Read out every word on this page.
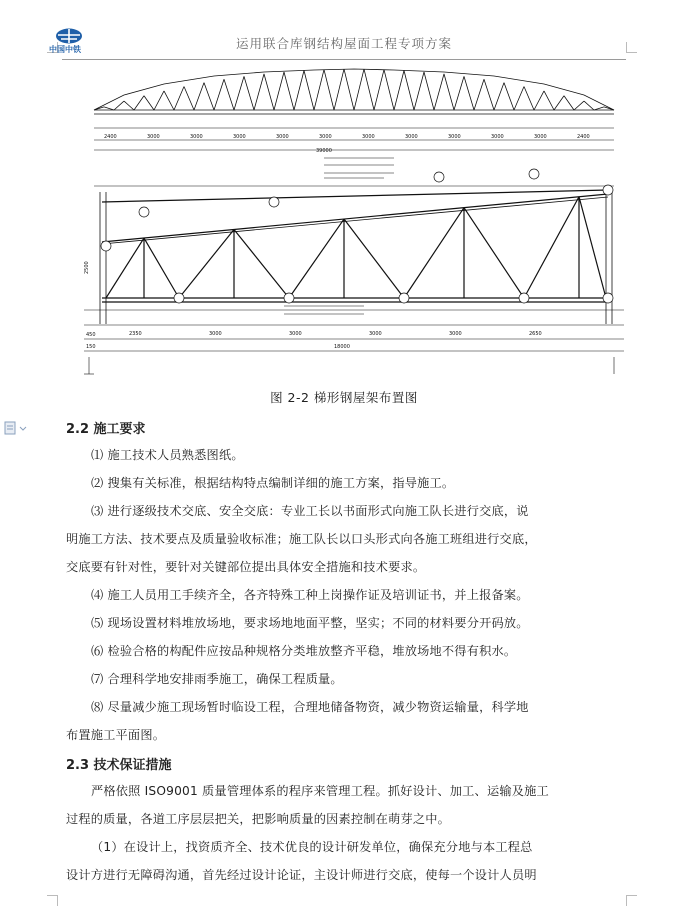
中国中铁	运用联合库钢结构屋面工程专项方案
39000
18000
2500
450
150
2400	3000	3000	3000	3000	3000	3000	3000	3000	3000	3000	2400
2350	3000	3000	3000	3000	2650
图 2-2 梯形钢屋架布置图
2.2 施工要求
⑴ 施工技术人员熟悉图纸。
⑵ 搜集有关标准，根据结构特点编制详细的施工方案，指导施工。
⑶ 进行逐级技术交底、安全交底：专业工长以书面形式向施工队长进行交底，说
明施工方法、技术要点及质量验收标准；施工队长以口头形式向各施工班组进行交底，
交底要有针对性，要针对关键部位提出具体安全措施和技术要求。
⑷ 施工人员用工手续齐全，各齐特殊工种上岗操作证及培训证书，并上报备案。
⑸ 现场设置材料堆放场地，要求场地地面平整，坚实；不同的材料要分开码放。
⑹ 检验合格的构配件应按品种规格分类堆放整齐平稳，堆放场地不得有积水。
⑺ 合理科学地安排雨季施工，确保工程质量。
⑻ 尽量减少施工现场暂时临设工程，合理地储备物资，减少物资运输量，科学地
布置施工平面图。
2.3 技术保证措施
严格依照 ISO9001 质量管理体系的程序来管理工程。抓好设计、加工、运输及施工
过程的质量，各道工序层层把关，把影响质量的因素控制在萌芽之中。
（1）在设计上，找资质齐全、技术优良的设计研发单位，确保充分地与本工程总
设计方进行无障碍沟通，首先经过设计论证，主设计师进行交底，使每一个设计人员明
